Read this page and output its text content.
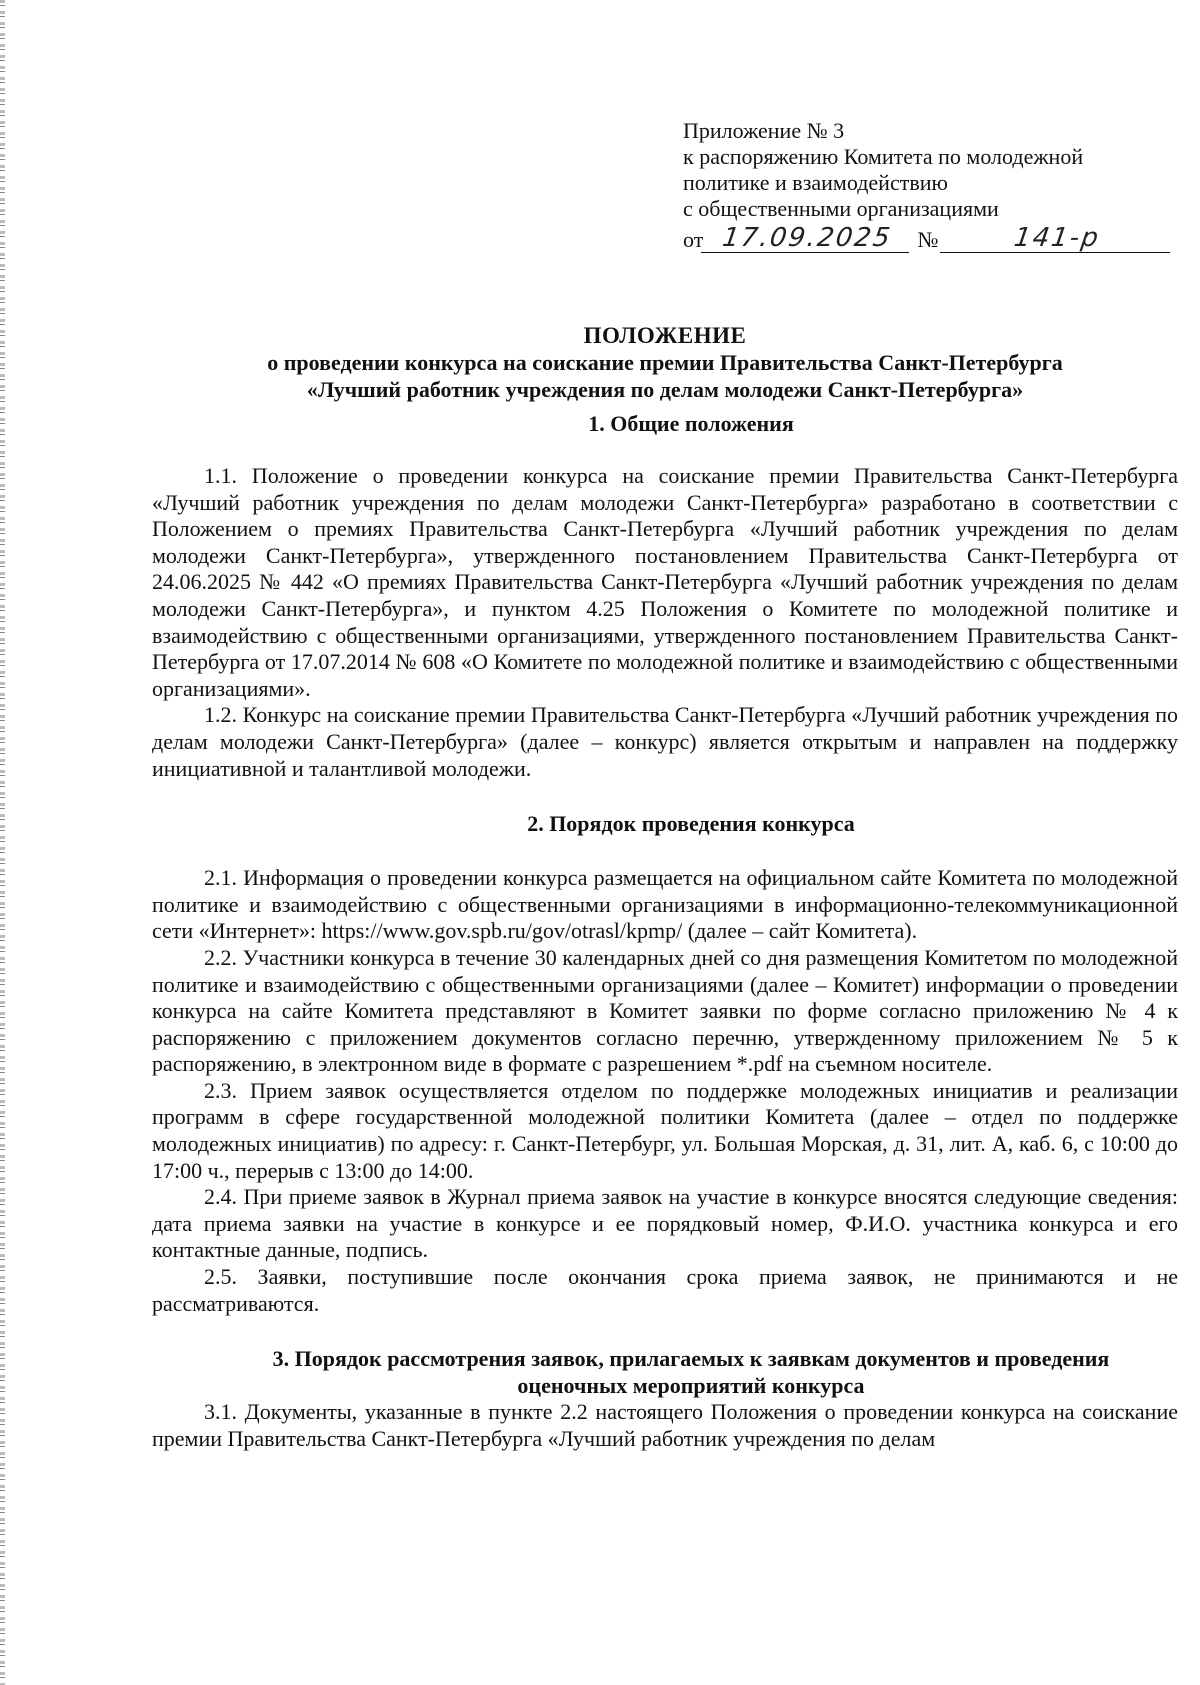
Приложение № 3
к распоряжению Комитета по молодежной
политике и взаимодействию
с общественными организациями
от 17.09.2025	№	141-р
ПОЛОЖЕНИЕ
о проведении конкурса на соискание премии Правительства Санкт-Петербурга
«Лучший работник учреждения по делам молодежи Санкт-Петербурга»

1. Общие положения

1.1. Положение о проведении конкурса на соискание премии Правительства Санкт-Петербурга «Лучший работник учреждения по делам молодежи Санкт-Петербурга» разработано в соответствии с Положением о премиях Правительства Санкт-Петербурга «Лучший работник учреждения по делам молодежи Санкт-Петербурга», утвержденного постановлением Правительства Санкт-Петербурга от 24.06.2025 № 442 «О премиях Правительства Санкт-Петербурга «Лучший работник учреждения по делам молодежи Санкт-Петербурга», и пунктом 4.25 Положения о Комитете по молодежной политике и взаимодействию с общественными организациями, утвержденного постановлением Правительства Санкт-Петербурга от 17.07.2014 № 608 «О Комитете по молодежной политике и взаимодействию с общественными организациями».

1.2. Конкурс на соискание премии Правительства Санкт-Петербурга «Лучший работник учреждения по делам молодежи Санкт-Петербурга» (далее – конкурс) является открытым и направлен на поддержку инициативной и талантливой молодежи.

2. Порядок проведения конкурса

2.1. Информация о проведении конкурса размещается на официальном сайте Комитета по молодежной политике и взаимодействию с общественными организациями в информационно-телекоммуникационной сети «Интернет»: https://www.gov.spb.ru/gov/otrasl/kpmp/ (далее – сайт Комитета).

2.2. Участники конкурса в течение 30 календарных дней со дня размещения Комитетом по молодежной политике и взаимодействию с общественными организациями (далее – Комитет) информации о проведении конкурса на сайте Комитета представляют в Комитет заявки по форме согласно приложению № 4 к распоряжению с приложением документов согласно перечню, утвержденному приложением № 5 к распоряжению, в электронном виде в формате с разрешением *.pdf на съемном носителе.

2.3. Прием заявок осуществляется отделом по поддержке молодежных инициатив и реализации программ в сфере государственной молодежной политики Комитета (далее – отдел по поддержке молодежных инициатив) по адресу: г. Санкт-Петербург, ул. Большая Морская, д. 31, лит. А, каб. 6, с 10:00 до 17:00 ч., перерыв с 13:00 до 14:00.

2.4. При приеме заявок в Журнал приема заявок на участие в конкурсе вносятся следующие сведения: дата приема заявки на участие в конкурсе и ее порядковый номер, Ф.И.О. участника конкурса и его контактные данные, подпись.

2.5. Заявки, поступившие после окончания срока приема заявок, не принимаются и не рассматриваются.

3. Порядок рассмотрения заявок, прилагаемых к заявкам документов и проведения

оценочных мероприятий конкурса

3.1. Документы, указанные в пункте 2.2 настоящего Положения о проведении конкурса на соискание премии Правительства Санкт-Петербурга «Лучший работник учреждения по делам
